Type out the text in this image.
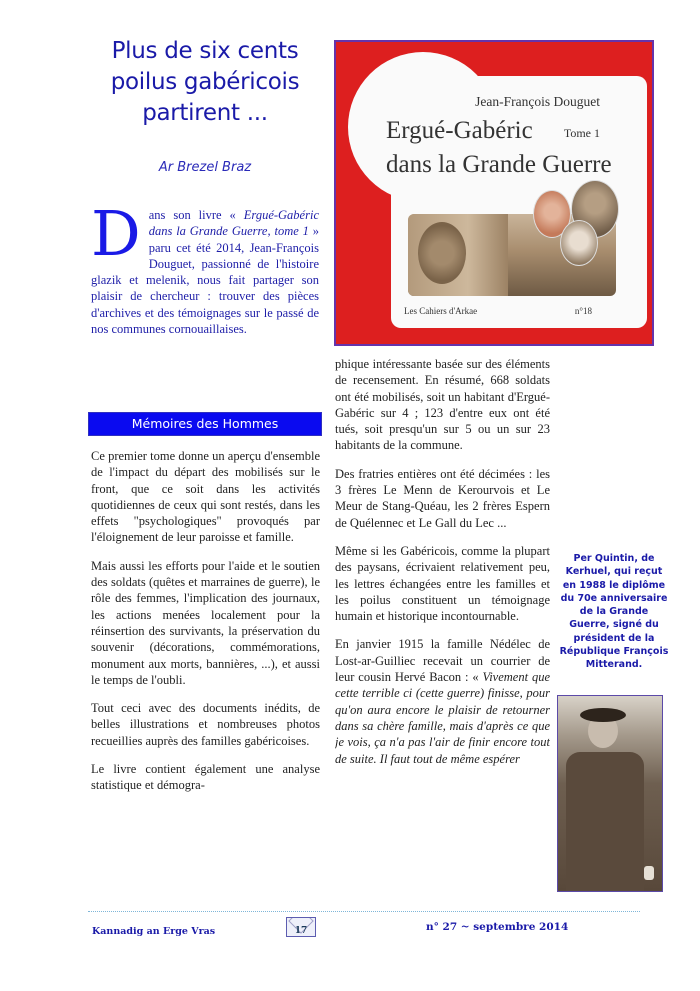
Plus de six cents poilus gabéricois partirent ...
Ar Brezel Braz
Dans son livre « Ergué-Gabéric dans la Grande Guerre, tome 1 » paru cet été 2014, Jean-François Douguet, passionné de l'histoire glazik et melenik, nous fait partager son plaisir de chercheur : trouver des pièces d'archives et des témoignages sur le passé de nos communes cornouaillaises.
Jean-François Douguet
Ergué-Gabéric
dans la Grande Guerre
Tome 1
Les Cahiers d'Arkae	n°18
Mémoires des Hommes

Ce premier tome donne un aperçu d'ensemble de l'impact du départ des mobilisés sur le front, que ce soit dans les activités quotidiennes de ceux qui sont restés, dans les effets "psychologiques" provoqués par l'éloignement de leur paroisse et famille.

Mais aussi les efforts pour l'aide et le soutien des soldats (quêtes et marraines de guerre), le rôle des femmes, l'implication des journaux, les actions menées localement pour la réinsertion des survivants, la préservation du souvenir (décorations, commémorations, monument aux morts, bannières, ...), et aussi le temps de l'oubli.

Tout ceci avec des documents inédits, de belles illustrations et nombreuses photos recueillies auprès des familles gabéricoises.

Le livre contient également une analyse statistique et démogra-

phique intéressante basée sur des éléments de recensement. En résumé, 668 soldats ont été mobilisés, soit un habitant d'Ergué-Gabéric sur 4 ; 123 d'entre eux ont été tués, soit presqu'un sur 5 ou un sur 23 habitants de la commune.

Des fratries entières ont été décimées : les 3 frères Le Menn de Kerourvois et Le Meur de Stang-Quéau, les 2 frères Espern de Quélennec et Le Gall du Lec ...

Même si les Gabéricois, comme la plupart des paysans, écrivaient relativement peu, les lettres échangées entre les familles et les poilus constituent un témoignage humain et historique incontournable.

En janvier 1915 la famille Nédélec de Lost-ar-Guilliec recevait un courrier de leur cousin Hervé Bacon : « Vivement que cette terrible ci (cette guerre) finisse, pour qu'on aura encore le plaisir de retourner dans sa chère famille, mais d'après ce que je vois, ça n'a pas l'air de finir encore tout de suite. Il faut tout de même espérer

Per Quintin, de Kerhuel, qui reçut en 1988 le diplôme du 70e anniversaire de la Grande Guerre, signé du président de la République François Mitterand.
Kannadig an Erge Vras	17	n° 27 ~ septembre 2014
